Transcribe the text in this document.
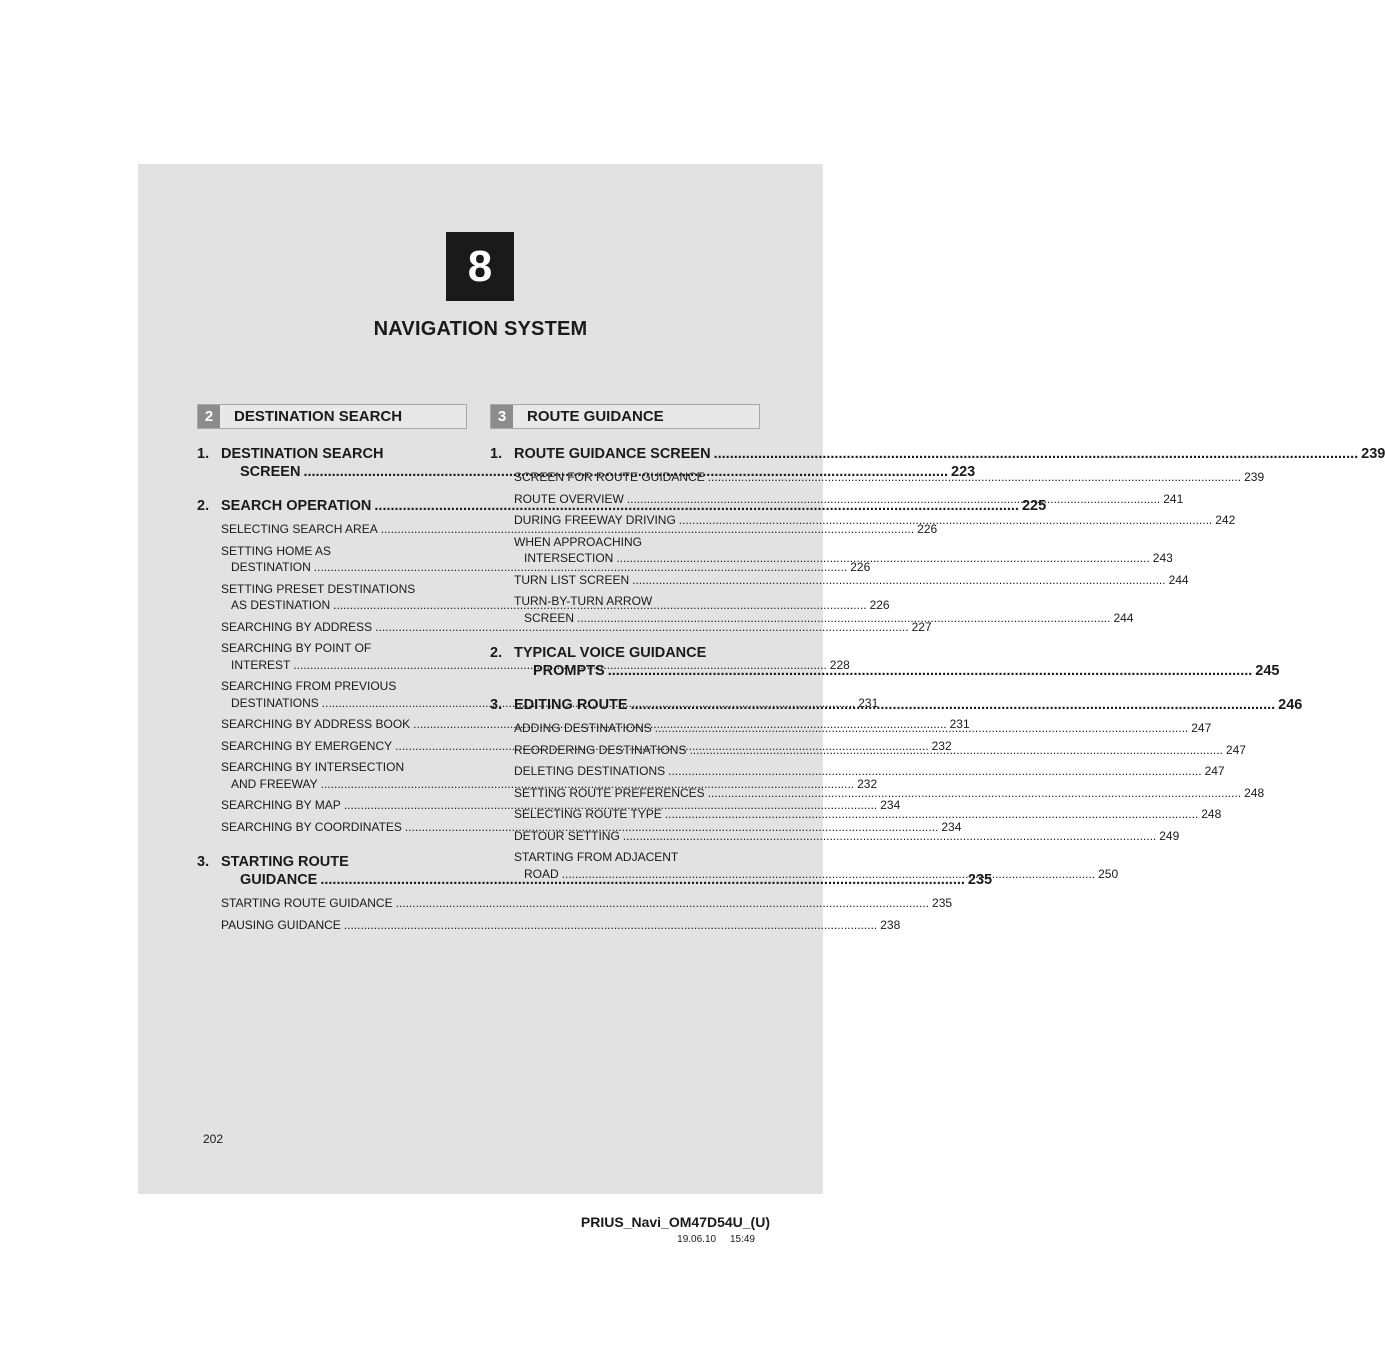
8
NAVIGATION SYSTEM
2	DESTINATION SEARCH	3	ROUTE GUIDANCE
1. DESTINATION SEARCH
SCREEN .....	223
2. SEARCH OPERATION .....	225
SELECTING SEARCH AREA .....	226
SETTING HOME AS
DESTINATION .....	226
SETTING PRESET DESTINATIONS
AS DESTINATION .....	226
SEARCHING BY ADDRESS .....	227
SEARCHING BY POINT OF
INTEREST .....	228
SEARCHING FROM PREVIOUS
DESTINATIONS .....	231
SEARCHING BY ADDRESS BOOK .....	231
SEARCHING BY EMERGENCY .....	232
SEARCHING BY INTERSECTION
AND FREEWAY .....	232
SEARCHING BY MAP .....	234
SEARCHING BY COORDINATES .....	234
3. STARTING ROUTE
GUIDANCE .....	235
STARTING ROUTE GUIDANCE .....	235
PAUSING GUIDANCE .....	238
1. ROUTE GUIDANCE SCREEN .....	239
SCREEN FOR ROUTE GUIDANCE .....	239
ROUTE OVERVIEW .....	241
DURING FREEWAY DRIVING .....	242
WHEN APPROACHING
INTERSECTION .....	243
TURN LIST SCREEN .....	244
TURN-BY-TURN ARROW
SCREEN .....	244
2. TYPICAL VOICE GUIDANCE
PROMPTS .....	245
3. EDITING ROUTE .....	246
ADDING DESTINATIONS .....	247
REORDERING DESTINATIONS .....	247
DELETING DESTINATIONS .....	247
SETTING ROUTE PREFERENCES .....	248
SELECTING ROUTE TYPE .....	248
DETOUR SETTING .....	249
STARTING FROM ADJACENT
ROAD .....	250
202
PRIUS_Navi_OM47D54U_(U)
19.06.10     15:49
